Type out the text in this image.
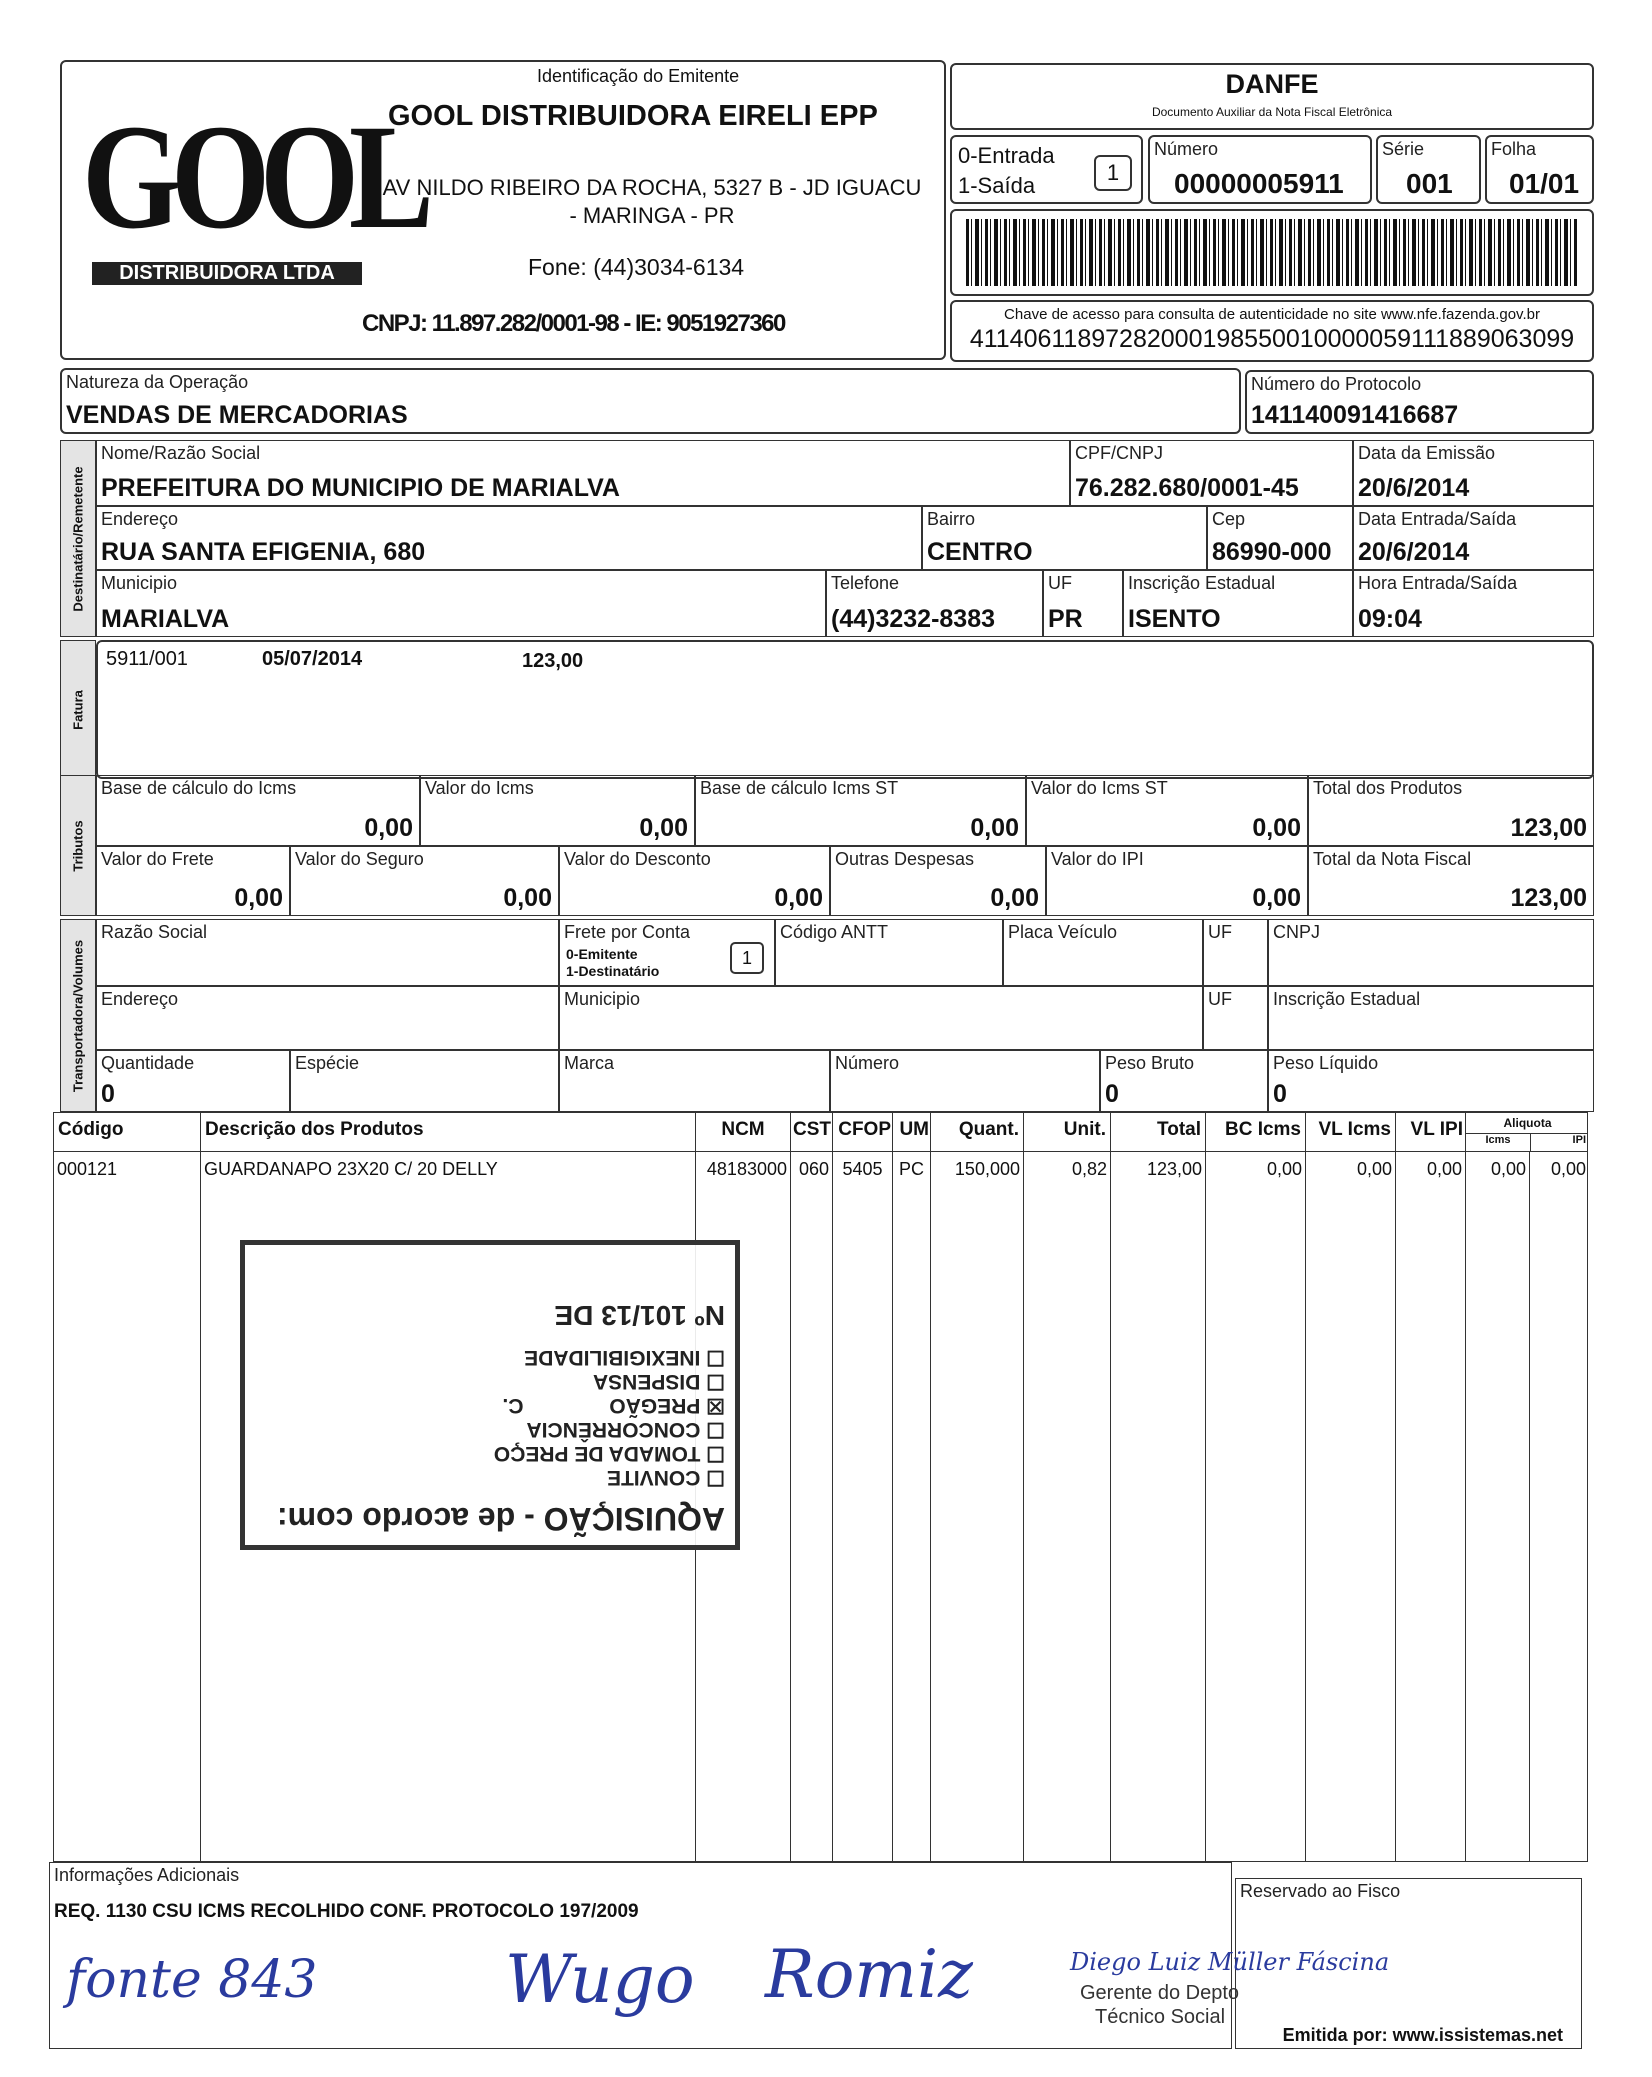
GOOL
DISTRIBUIDORA LTDA
Identificação do Emitente
GOOL DISTRIBUIDORA EIRELI EPP
AV NILDO RIBEIRO DA ROCHA, 5327 B - JD IGUACU
- MARINGA - PR
Fone: (44)3034-6134
CNPJ: 11.897.282/0001-98 - IE: 9051927360
DANFE
Documento Auxiliar da Nota Fiscal Eletrônica
0-Entrada
1-Saída
1
Número
00000005911
Série
001
Folha
01/01
Chave de acesso para consulta de autenticidade no site www.nfe.fazenda.gov.br
41140611897282000198550010000059111889063099
Natureza da Operação
VENDAS DE MERCADORIAS
Número do Protocolo
141140091416687
Destinatário/Remetente
Nome/Razão Social
PREFEITURA DO MUNICIPIO DE MARIALVA
CPF/CNPJ
76.282.680/0001-45
Data da Emissão
20/6/2014
Endereço
RUA SANTA EFIGENIA, 680
Bairro
CENTRO
Cep
86990-000
Data Entrada/Saída
20/6/2014
Municipio
MARIALVA
Telefone
(44)3232-8383
UF
PR
Inscrição Estadual
ISENTO
Hora Entrada/Saída
09:04
Fatura
5911/001	05/07/2014	123,00
Tributos
Base de cálculo do Icms
0,00
Valor do Icms
0,00
Base de cálculo Icms ST
0,00
Valor do Icms ST
0,00
Total dos Produtos
123,00
Valor do Frete
0,00
Valor do Seguro
0,00
Valor do Desconto
0,00
Outras Despesas
0,00
Valor do IPI
0,00
Total da Nota Fiscal
123,00
Transportadora/Volumes
Razão Social	Frete por Conta
0-Emitente
1-Destinatário
1
Código ANTT	Placa Veículo	UF CNPJ
Endereço	Municipio	UF Inscrição Estadual
Quantidade
0
Espécie	Marca	Número	Peso Bruto
0
Peso Líquido
0
Código	Descrição dos Produtos	NCM	CST CFOP UM	Quant.	Unit.	Total	BC Icms VL Icms	VL IPI	Aliquota
Icms	IPI
000121	GUARDANAPO 23X20 C/ 20 DELLY	48183000 060 5405 PC	150,000	0,82	123,00	0,00	0,00	0,00	0,00	0,00
AQUISIÇÃO - de acordo com:
☐ CONVITE
☐ TOMADA DE PREÇO
☐ CONCORRÊNCIA
☒ PREGÃO C.
☐ DISPENSA
☐ INEXIGIBILIDADE
Nº 101/13 DE
Informações Adicionais
REQ. 1130 CSU ICMS RECOLHIDO CONF. PROTOCOLO 197/2009
Reservado ao Fisco
Emitida por: www.issistemas.net
fonte 843	Wugo Romiz	Diego Luiz Müller Fáscina
Gerente do Depto
Técnico Social
